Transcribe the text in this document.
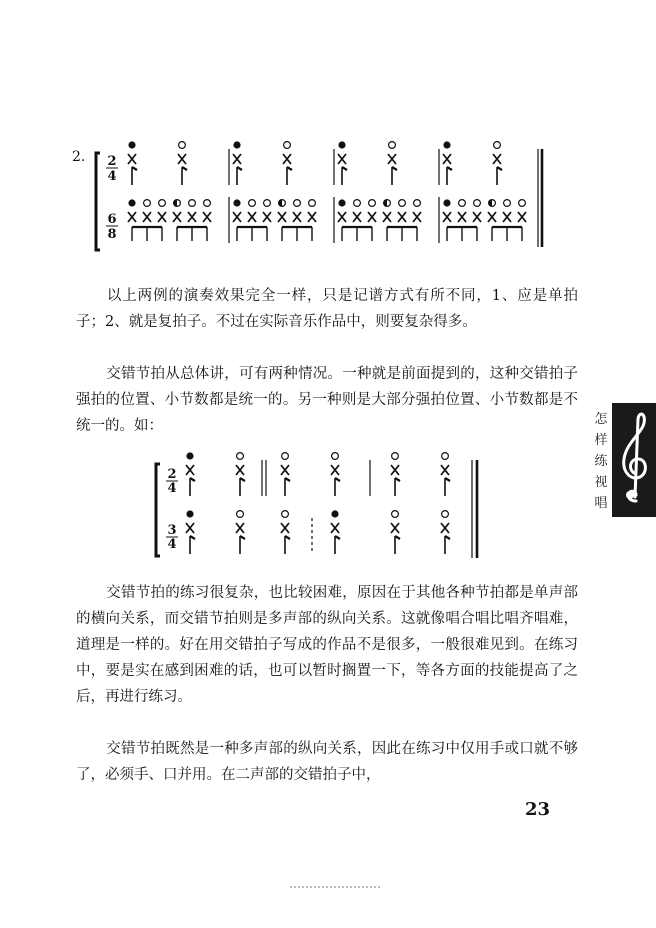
2. 2
4
6
8

以上两例的演奏效果完全一样，只是记谱方式有所不同，1、应是单拍子；2、就是复拍子。不过在实际音乐作品中，则要复杂得多。

交错节拍从总体讲，可有两种情况。一种就是前面提到的，这种交错拍子强拍的位置、小节数都是统一的。另一种则是大部分强拍位置、小节数都是不统一的。如：

2
4
3
4

交错节拍的练习很复杂，也比较困难，原因在于其他各种节拍都是单声部的横向关系，而交错节拍则是多声部的纵向关系。这就像唱合唱比唱齐唱难，道理是一样的。好在用交错拍子写成的作品不是很多，一般很难见到。在练习中，要是实在感到困难的话，也可以暂时搁置一下，等各方面的技能提高了之后，再进行练习。

交错节拍既然是一种多声部的纵向关系，因此在练习中仅用手或口就不够了，必须手、口并用。在二声部的交错拍子中，

怎
样
练
视
唱
23
